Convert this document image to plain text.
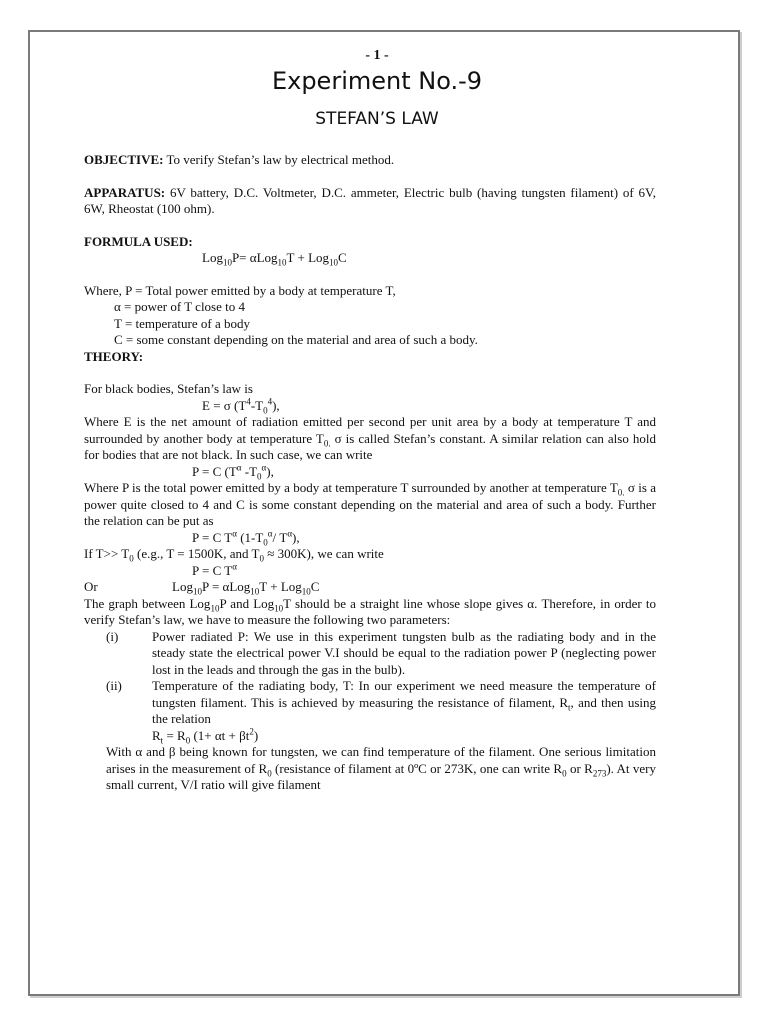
- 1 -
Experiment No.-9
STEFAN’S LAW

OBJECTIVE: To verify Stefan’s law by electrical method.

APPARATUS: 6V battery, D.C. Voltmeter, D.C. ammeter, Electric bulb (having tungsten filament) of 6V, 6W, Rheostat (100 ohm).

FORMULA USED:

Log$_{10}$P= αLog$_{10}$T + Log$_{10}$C

Where, P = Total power emitted by a body at temperature T,

α = power of T close to 4

T = temperature of a body

C = some constant depending on the material and area of such a body.

THEORY:

For black bodies, Stefan’s law is

E = σ $(T^4-T_0^4)$,

Where E is the net amount of radiation emitted per second per unit area by a body at temperature T and surrounded by another body at temperature $T_{0.}$ σ is called Stefan’s constant. A similar relation can also hold for bodies that are not black. In such case, we can write

P = C ($T^\alpha$ $-T_0^\alpha$),

Where P is the total power emitted by a body at temperature T surrounded by another at temperature $T_{0.}$ σ is a power quite closed to 4 and C is some constant depending on the material and area of such a body. Further the relation can be put as

P = C $T^\alpha$ ($1-T_0^\alpha/$ $T^\alpha$),

If $T>> T_0$ (e.g., T = 1500K, and $T_0 \approx 300K$), we can write

P = C $T^\alpha$

Or	Log$_{10}$P = αLog$_{10}$T + Log$_{10}$C

The graph between Log$_{10}$P and Log$_{10}$T should be a straight line whose slope gives α. Therefore, in order to verify Stefan’s law, we have to measure the following two parameters:

(i)	Power radiated P: We use in this experiment tungsten bulb as the radiating body and in the steady state the electrical power V.I should be equal to the radiation power P (neglecting power lost in the leads and through the gas in the bulb).
(ii)	Temperature of the radiating body, T: In our experiment we need measure the temperature of tungsten filament. This is achieved by measuring the resistance of filament, $R_t$, and then using the relation

$R_t = R_0$ $(1+ \alpha t + \beta t^2)$

With α and β being known for tungsten, we can find temperature of the filament. One serious limitation arises in the measurement of $R_0$ (resistance of filament at 0ºC or 273K, one can write $R_0$ or $R_{273}$). At very small current, V/I ratio will give filament
